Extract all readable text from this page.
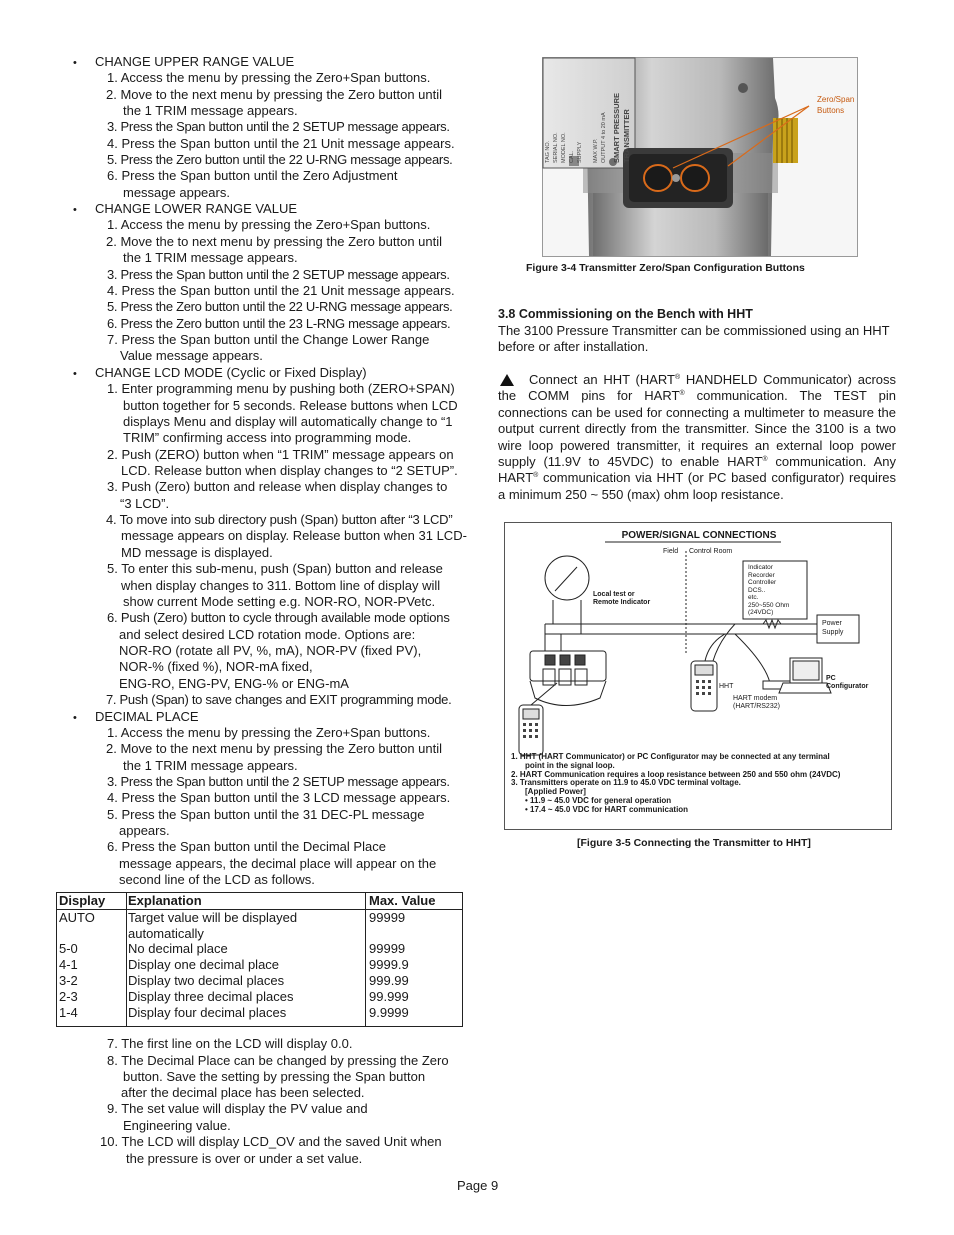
• CHANGE UPPER RANGE VALUE
1. Access the menu by pressing the Zero+Span buttons.
2. Move to the next menu by pressing the Zero button until
the 1 TRIM message appears.
3. Press the Span button until the 2 SETUP message appears.
4. Press the Span button until the 21 Unit message appears.
5. Press the Zero button until the 22 U-RNG message appears.
6. Press the Span button until the Zero Adjustment
message appears.
• CHANGE LOWER RANGE VALUE
1. Access the menu by pressing the Zero+Span buttons.
2. Move the to next menu by pressing the Zero button until
the 1 TRIM message appears.
3. Press the Span button until the 2 SETUP message appears.
4. Press the Span button until the 21 Unit message appears.
5. Press the Zero button until the 22 U-RNG message appears.
6. Press the Zero button until the 23 L-RNG message appears.
7. Press the Span button until the Change Lower Range
Value message appears.
• CHANGE LCD MODE (Cyclic or Fixed Display)
1. Enter programming menu by pushing both (ZERO+SPAN)
button together for 5 seconds. Release buttons when LCD
displays Menu and display will automatically change to “1
TRIM” confirming access into programming mode.
2. Push (ZERO) button when “1 TRIM” message appears on
LCD. Release button when display changes to “2 SETUP”.
3. Push (Zero) button and release when display changes to
“3 LCD”.
4. To move into sub directory push (Span) button after “3 LCD”
message appears on display. Release button when 31 LCD-
MD message is displayed.
5. To enter this sub-menu, push (Span) button and release
when display changes to 311. Bottom line of display will
show current Mode setting e.g. NOR-RO, NOR-PVetc.
6. Push (Zero) button to cycle through available mode options
and select desired LCD rotation mode. Options are:
NOR-RO (rotate all PV, %, mA), NOR-PV (fixed PV),
NOR-% (fixed %), NOR-mA fixed,
ENG-RO, ENG-PV, ENG-% or ENG-mA
7. Push (Span) to save changes and EXIT programming mode.
• DECIMAL PLACE
1. Access the menu by pressing the Zero+Span buttons.
2. Move to the next menu by pressing the Zero button until
the 1 TRIM message appears.
3. Press the Span button until the 2 SETUP message appears.
4. Press the Span button until the 3 LCD message appears.
5. Press the Span button until the 31 DEC-PL message
appears.
6. Press the Span button until the Decimal Place
message appears, the decimal place will appear on the
second line of the LCD as follows.
Display Explanation	Max. Value
AUTO	Target value will be displayed	99999
automatically
5-0	No decimal place	99999
4-1	Display one decimal place	9999.9
3-2	Display two decimal places	999.99
2-3	Display three decimal places	99.999
1-4	Display four decimal places	9.9999
7. The first line on the LCD will display 0.0.
8. The Decimal Place can be changed by pressing the Zero
button. Save the setting by pressing the Span button
after the decimal place has been selected.
9. The set value will display the PV value and
Engineering value.
10. The LCD will display LCD_OV and the saved Unit when
the pressure is over or under a set value.
TAG NO. SERIAL NO. MODEL NO. CAL. SUPPLY MAX W.P. OUTPUT 4 to 20 mA SMART PRESSURE TRANSMITTER
Zero/Span
Buttons
Figure 3-4 Transmitter Zero/Span Configuration Buttons
3.8 Commissioning on the Bench with HHT
The 3100 Pressure Transmitter can be commissioned using an HHT before or after installation.
Connect an HHT (HART® HANDHELD Communicator) across the COMM pins for HART® communication. The TEST pin connections can be used for connecting a multimeter to measure the output current directly from the transmitter. Since the 3100 is a two wire loop powered transmitter, it requires an external loop power supply (11.9V to 45VDC) to enable HART® communication. Any HART® communication via HHT (or PC based configurator) requires a minimum 250 ~ 550 (max) ohm loop resistance.
POWER/SIGNAL CONNECTIONS
Field Control Room
Indicator
Recorder
Controller
DCS..
etc.
250~550 Ohm
(24VDC)
Local test or
Remote Indicator
Power
Supply
HHT
PC
Configurator
HART modem
(HART/RS232)
1. HHT (HART Communicator) or PC Configurator may be connected at any terminal
point in the signal loop.
2. HART Communication requires a loop resistance between 250 and 550 ohm (24VDC)
3. Transmitters operate on 11.9 to 45.0 VDC terminal voltage.
[Applied Power]
• 11.9 ~ 45.0 VDC for general operation
• 17.4 ~ 45.0 VDC for HART communication
[Figure 3-5 Connecting the Transmitter to HHT]
Page 9
